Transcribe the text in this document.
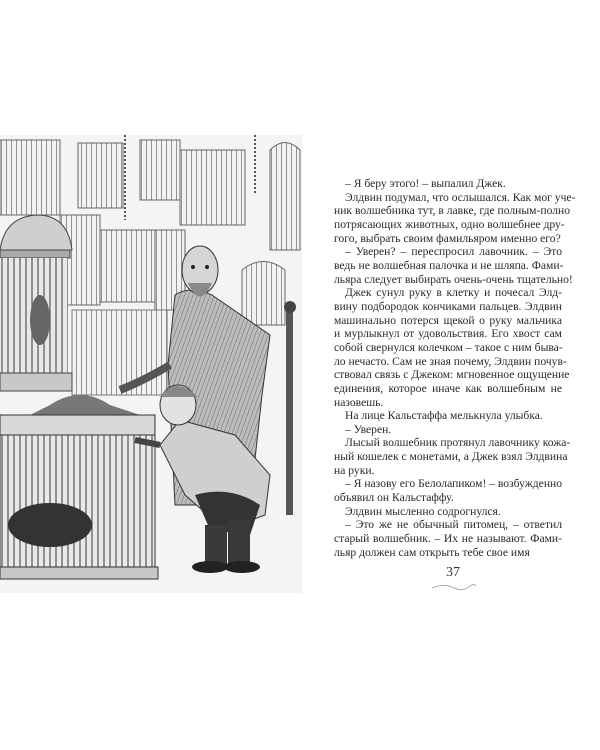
– Я беру этого! – выпалил Джек.
Элдвин подумал, что ослышался. Как мог уче-
ник волшебника тут, в лавке, где полным-полно
потрясающих животных, одно волшебнее дру-
гого, выбрать своим фамильяром именно его?
– Уверен? – переспросил лавочник. – Это
ведь не волшебная палочка и не шляпа. Фами-
льяра следует выбирать очень-очень тщательно!
Джек сунул руку в клетку и почесал Элд-
вину подбородок кончиками пальцев. Элдвин
машинально потерся щекой о руку мальчика
и мурлыкнул от удовольствия. Его хвост сам
собой свернулся колечком – такое с ним быва-
ло нечасто. Сам не зная почему, Элдвин почув-
ствовал связь с Джеком: мгновенное ощущение
единения, которое иначе как волшебным не
назовешь.
На лице Кальстаффа мелькнула улыбка.
– Уверен.
Лысый волшебник протянул лавочнику кожа-
ный кошелек с монетами, а Джек взял Элдвина
на руки.
– Я назову его Белолапиком! – возбужденно
объявил он Кальстаффу.
Элдвин мысленно содрогнулся.
– Это же не обычный питомец, – ответил
старый волшебник. – Их не называют. Фами-
льяр должен сам открыть тебе свое имя
37
